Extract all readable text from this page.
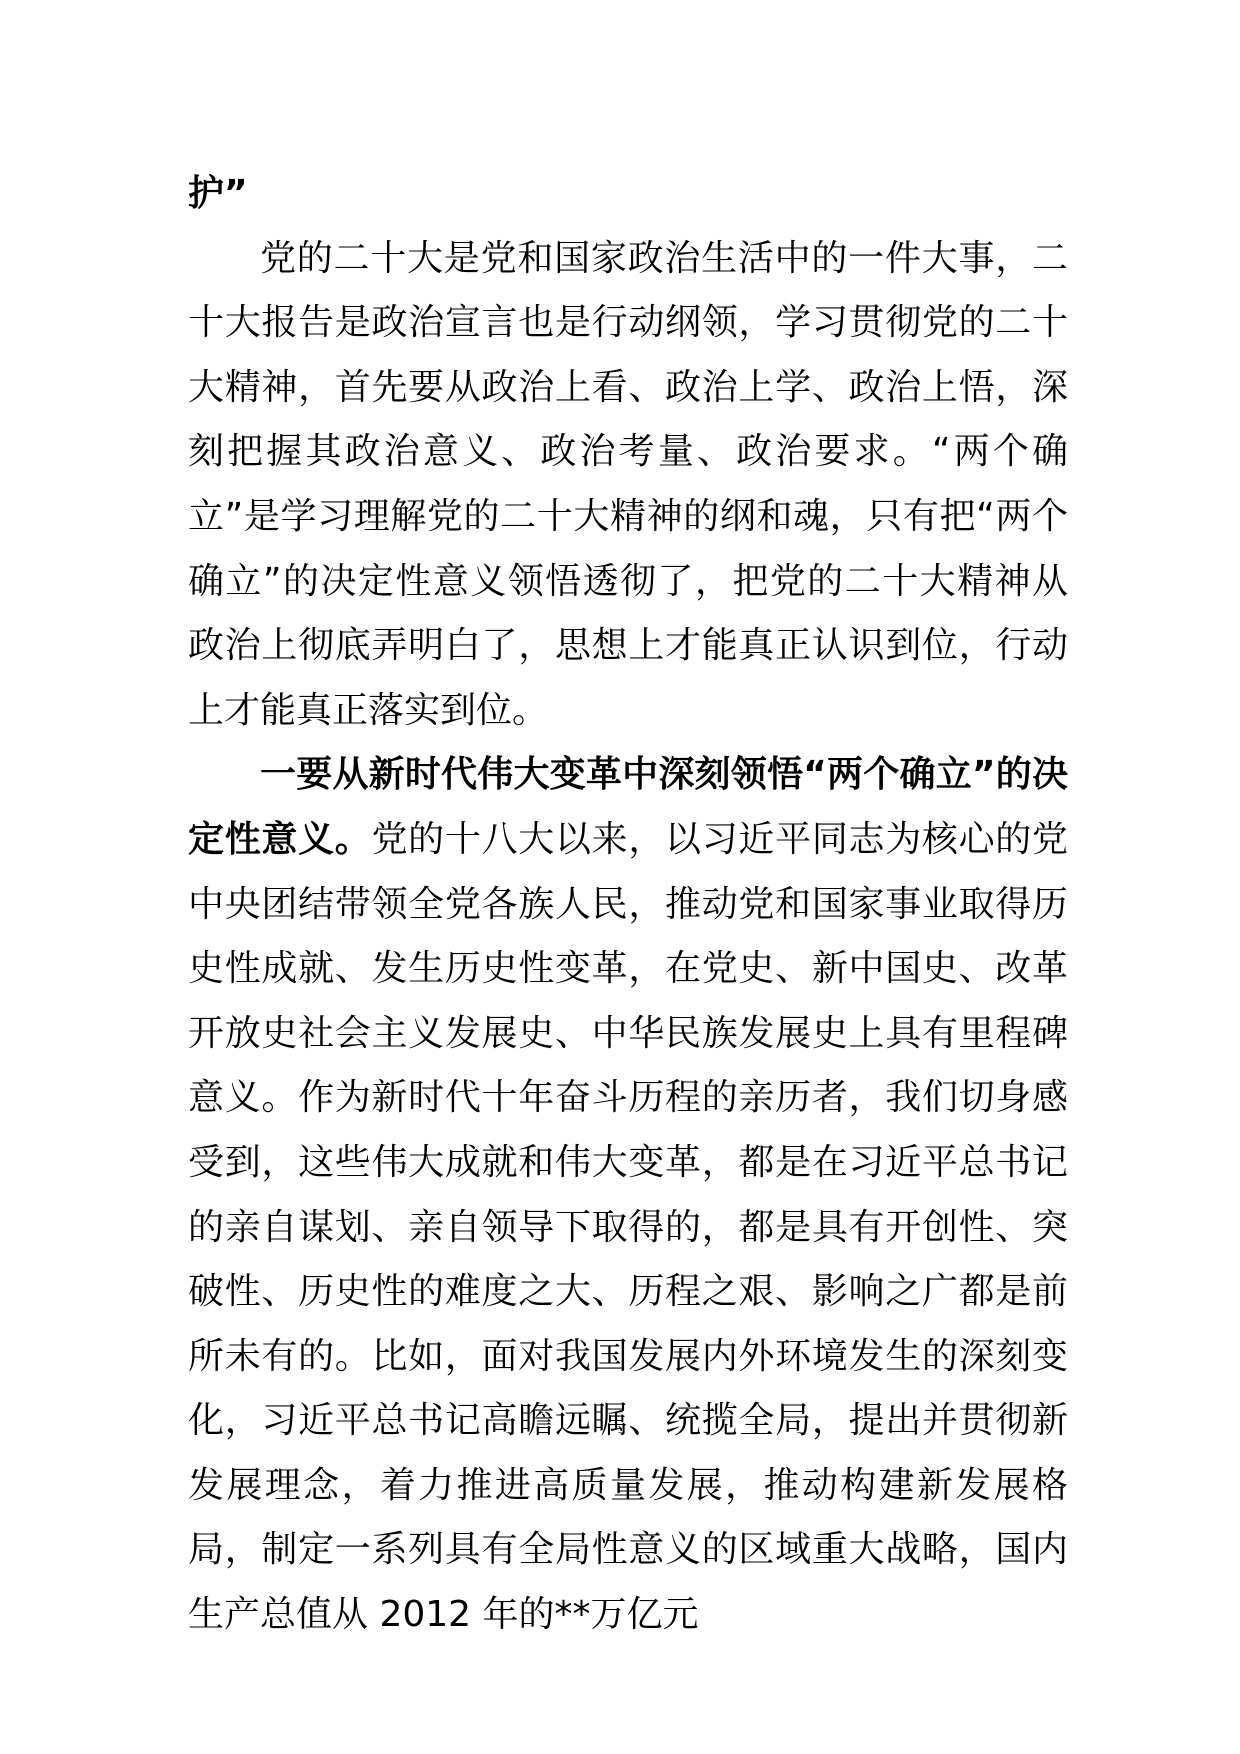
护”

党的二十大是党和国家政治生活中的一件大事，二十大报告是政治宣言也是行动纲领，学习贯彻党的二十大精神，首先要从政治上看、政治上学、政治上悟，深刻把握其政治意义、政治考量、政治要求。“两个确立”是学习理解党的二十大精神的纲和魂，只有把“两个确立”的决定性意义领悟透彻了，把党的二十大精神从政治上彻底弄明白了，思想上才能真正认识到位，行动上才能真正落实到位。

一要从新时代伟大变革中深刻领悟“两个确立”的决定性意义。党的十八大以来，以习近平同志为核心的党中央团结带领全党各族人民，推动党和国家事业取得历史性成就、发生历史性变革，在党史、新中国史、改革开放史社会主义发展史、中华民族发展史上具有里程碑意义。作为新时代十年奋斗历程的亲历者，我们切身感受到，这些伟大成就和伟大变革，都是在习近平总书记的亲自谋划、亲自领导下取得的，都是具有开创性、突破性、历史性的难度之大、历程之艰、影响之广都是前所未有的。比如，面对我国发展内外环境发生的深刻变化，习近平总书记高瞻远瞩、统揽全局，提出并贯彻新发展理念，着力推进高质量发展，推动构建新发展格局，制定一系列具有全局性意义的区域重大战略，国内生产总值从 2012 年的**万亿元
